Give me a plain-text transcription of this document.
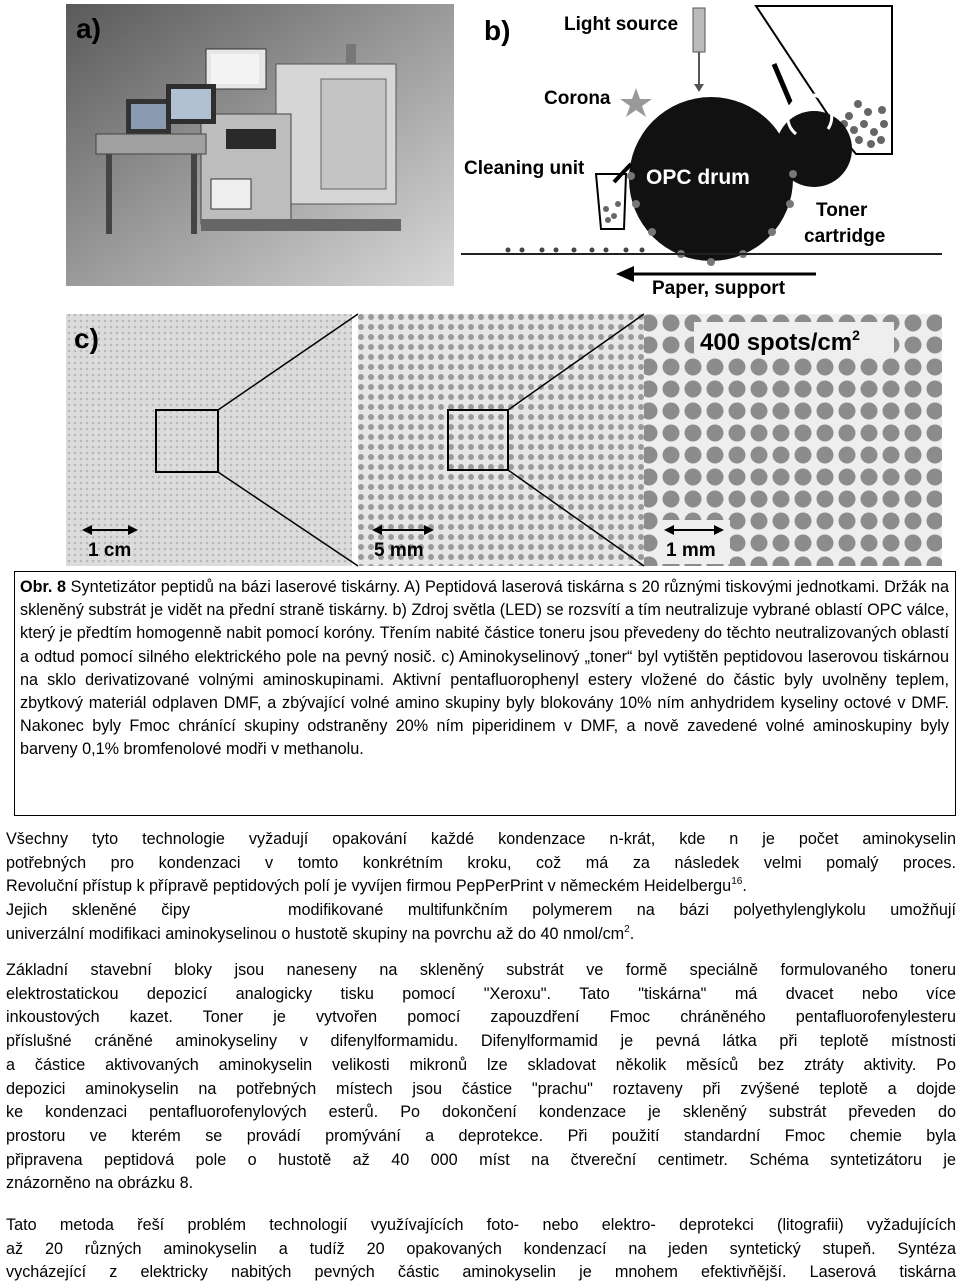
a)	b)	Light source
Corona
OPC drum
Cleaning unit
Toner
cartridge
Paper, support
c)
1 cm	5 mm
400 spots/$cm^2$
1 mm
Obr. 8 Syntetizátor peptidů na bázi laserové tiskárny. A) Peptidová laserová tiskárna s 20 různými tiskovými jednotkami. Držák na skleněný substrát je vidět na přední straně tiskárny. b) Zdroj světla (LED) se rozsvítí a tím neutralizuje vybrané oblastí OPC válce, který je předtím homogenně nabit pomocí koróny. Třením nabité částice toneru jsou převedeny do těchto neutralizovaných oblastí a odtud pomocí silného elektrického pole na pevný nosič. c) Aminokyselinový „toner“ byl vytištěn peptidovou laserovou tiskárnou na sklo derivatizované volnými aminoskupinami. Aktivní pentafluorophenyl estery vložené do částic byly uvolněny teplem, zbytkový materiál odplaven DMF, a zbývající volné amino skupiny byly blokovány 10% ním anhydridem kyseliny octové v DMF. Nakonec byly Fmoc chránící skupiny odstraněny 20% ním piperidinem v DMF, a nově zavedené volné aminoskupiny byly barveny 0,1% bromfenolové modři v methanolu.
Všechny tyto technologie vyžadují opakování každé kondenzace n-krát, kde n je počet aminokyselin
potřebných pro kondenzaci v tomto konkrétním kroku, což má za následek velmi pomalý proces.
Revoluční přístup k přípravě peptidových polí je vyvíjen firmou PepPerPrint v německém Heidelbergu$^{16}$.
Jejich skleněné čipy    modifikované multifunkčním polymerem na bázi polyethylenglykolu umožňují
univerzální modifikaci aminokyselinou o hustotě skupiny na povrchu až do 40 nmol/$cm^2$.
Základní stavební bloky jsou naneseny na skleněný substrát ve formě speciálně formulovaného toneru
elektrostatickou depozicí analogicky tisku pomocí "Xeroxu". Tato "tiskárna" má dvacet nebo více
inkoustových kazet. Toner je vytvořen pomocí zapouzdření Fmoc chráněného pentafluorofenylesteru
příslušné cráněné aminokyseliny v difenylformamidu. Difenylformamid je pevná látka při teplotě místnosti
a částice aktivovaných aminokyselin velikosti mikronů lze skladovat několik měsíců bez ztráty aktivity. Po
depozici aminokyselin na potřebných místech jsou částice "prachu" roztaveny při zvýšené teplotě a dojde
ke kondenzaci pentafluorofenylových esterů. Po dokončení kondenzace je skleněný substrát převeden do
prostoru ve kterém se provádí promývání a deprotekce. Při použití standardní Fmoc chemie byla
připravena peptidová pole o hustotě až 40 000 míst na čtvereční centimetr. Schéma syntetizátoru je
znázorněno na obrázku 8.
Tato metoda řeší problém technologií využívajících foto- nebo elektro- deprotekci (litografii) vyžadujících
až 20 různých aminokyselin a tudíž 20 opakovaných kondenzací na jeden syntetický stupeň. Syntéza
vycházející z elektricky nabitých pevných částic aminokyselin je mnohem efektivňější. Laserová tiskárna
